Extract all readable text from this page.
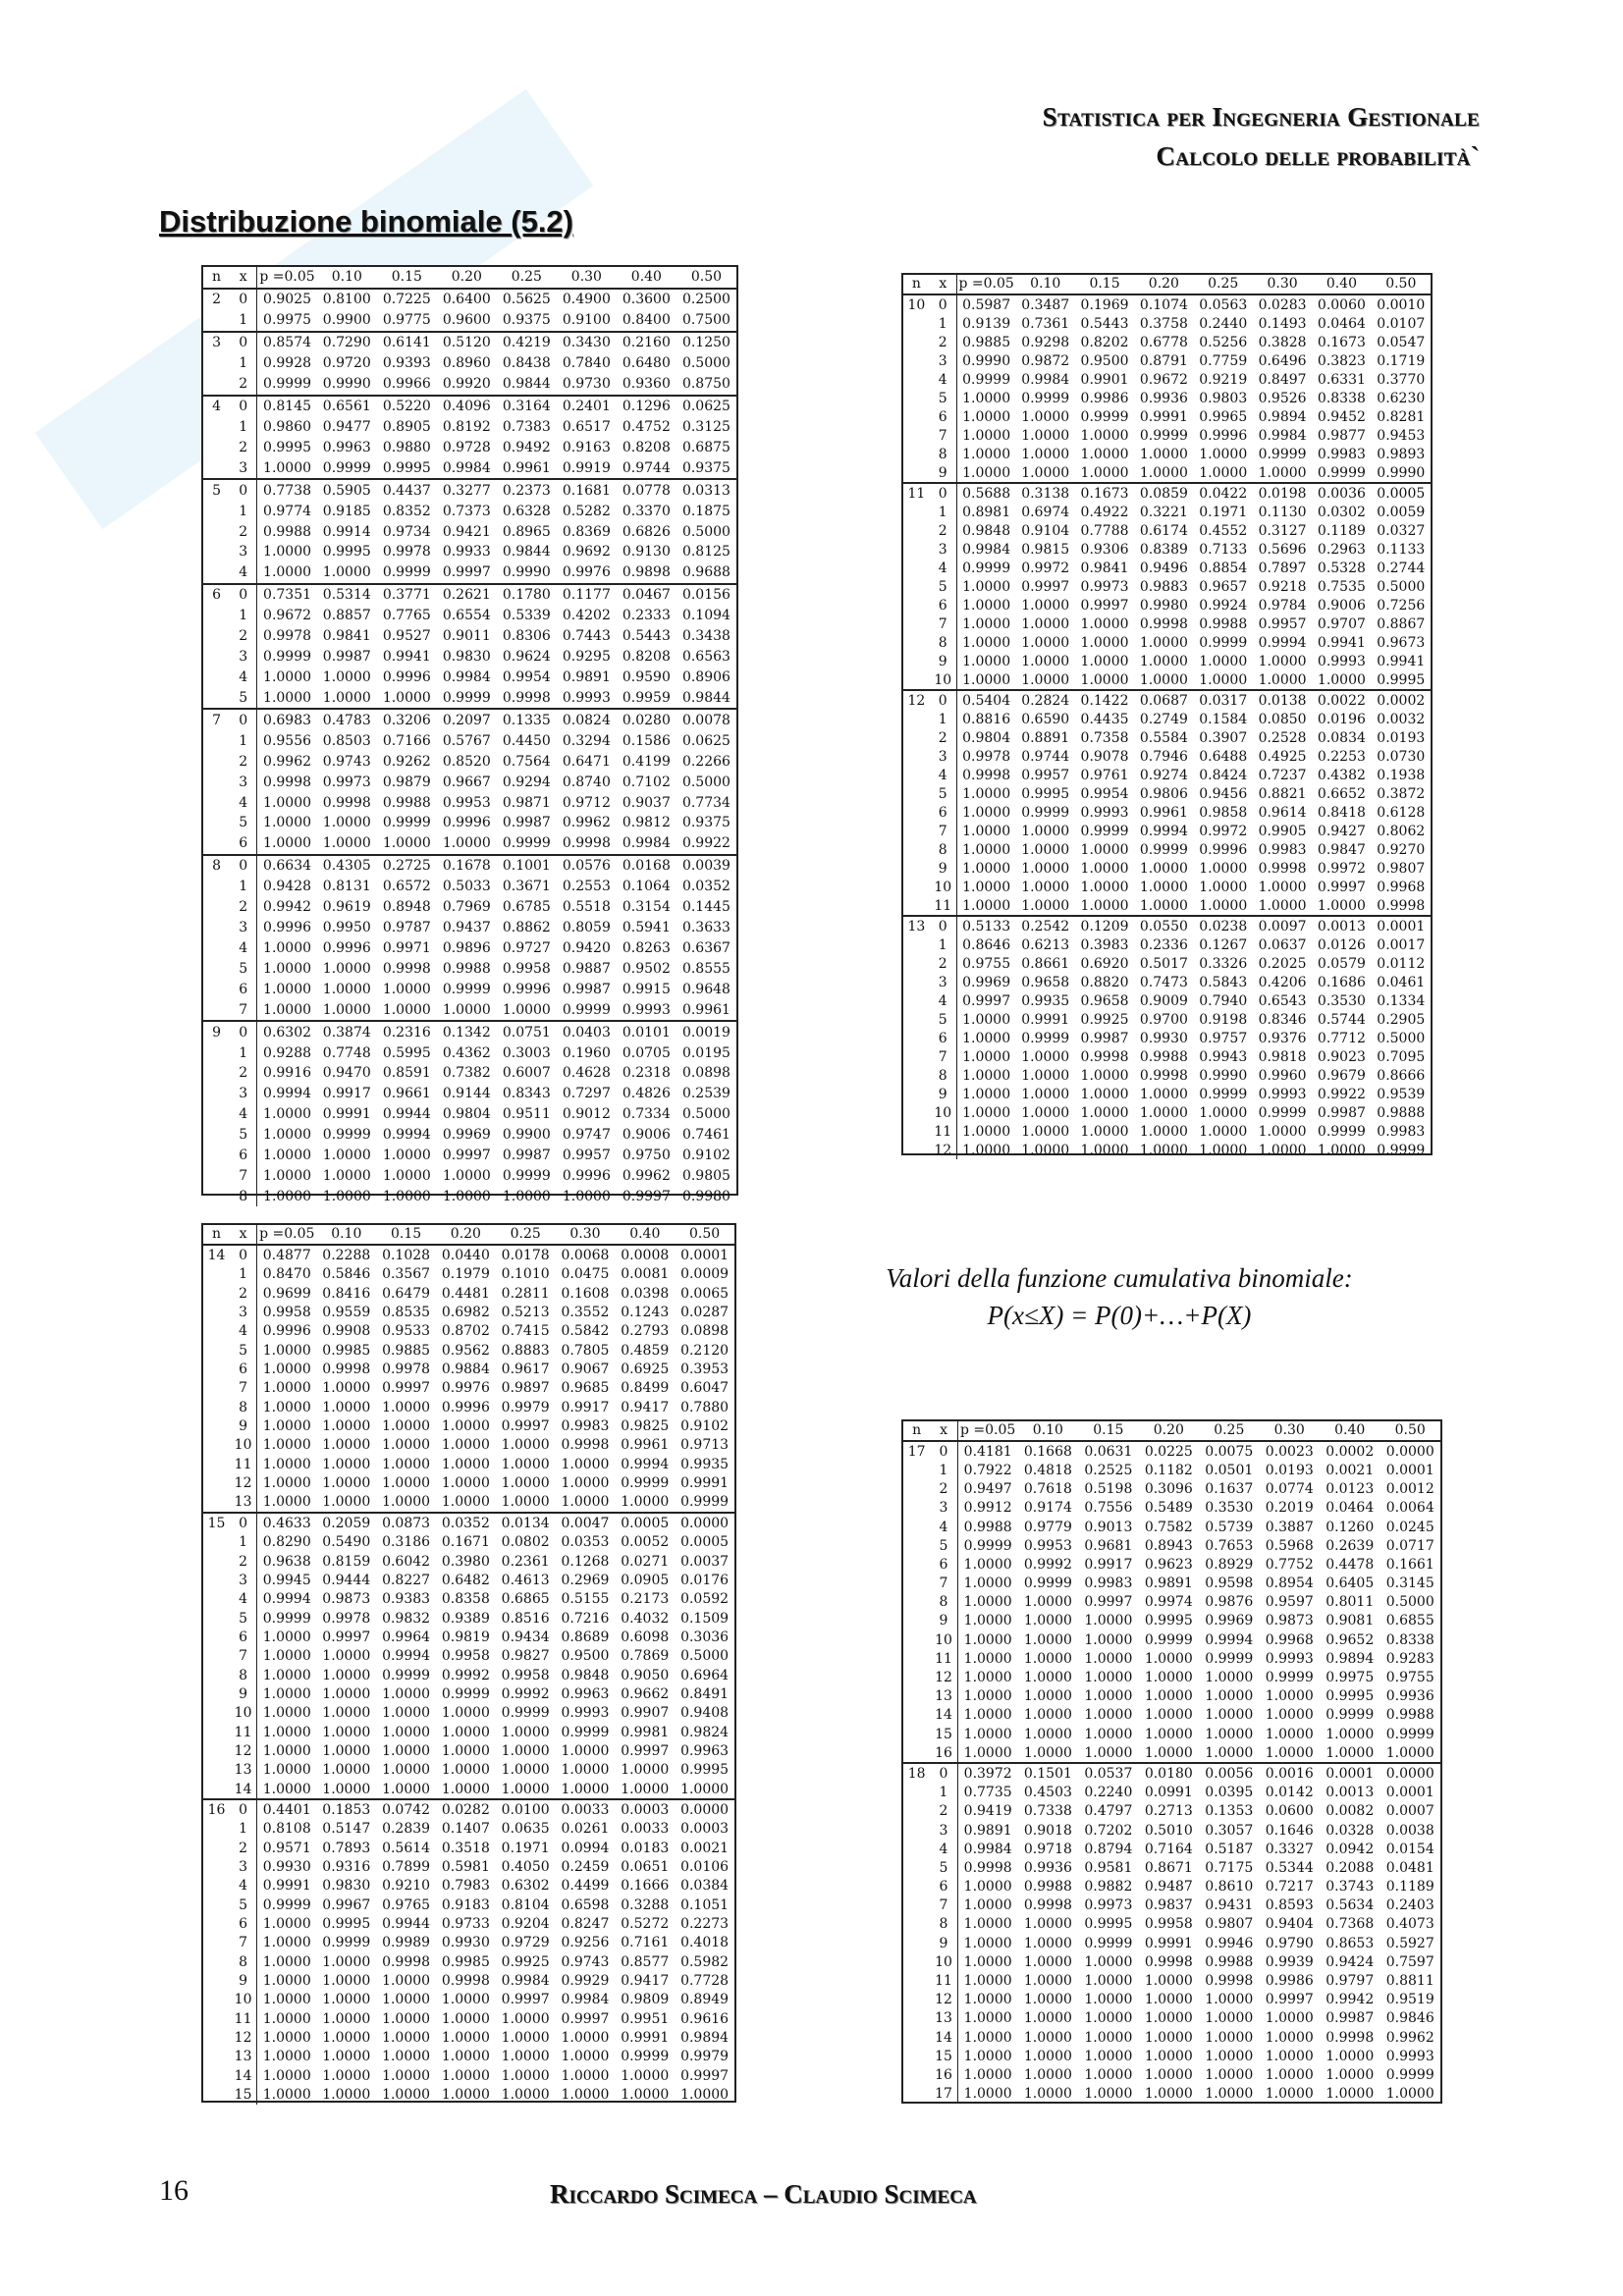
Statistica per Ingegneria Gestionale
Calcolo delle probabilità`
Distribuzione binomiale (5.2)
n	x	p =0.05	0.10	0.15	0.20	0.25	0.30	0.40	0.50
2	0	0.9025	0.8100	0.7225	0.6400	0.5625	0.4900	0.3600	0.2500
	1	0.9975	0.9900	0.9775	0.9600	0.9375	0.9100	0.8400	0.7500
3	0	0.8574	0.7290	0.6141	0.5120	0.4219	0.3430	0.2160	0.1250
	1	0.9928	0.9720	0.9393	0.8960	0.8438	0.7840	0.6480	0.5000
	2	0.9999	0.9990	0.9966	0.9920	0.9844	0.9730	0.9360	0.8750
4	0	0.8145	0.6561	0.5220	0.4096	0.3164	0.2401	0.1296	0.0625
	1	0.9860	0.9477	0.8905	0.8192	0.7383	0.6517	0.4752	0.3125
	2	0.9995	0.9963	0.9880	0.9728	0.9492	0.9163	0.8208	0.6875
	3	1.0000	0.9999	0.9995	0.9984	0.9961	0.9919	0.9744	0.9375
5	0	0.7738	0.5905	0.4437	0.3277	0.2373	0.1681	0.0778	0.0313
	1	0.9774	0.9185	0.8352	0.7373	0.6328	0.5282	0.3370	0.1875
	2	0.9988	0.9914	0.9734	0.9421	0.8965	0.8369	0.6826	0.5000
	3	1.0000	0.9995	0.9978	0.9933	0.9844	0.9692	0.9130	0.8125
	4	1.0000	1.0000	0.9999	0.9997	0.9990	0.9976	0.9898	0.9688
6	0	0.7351	0.5314	0.3771	0.2621	0.1780	0.1177	0.0467	0.0156
	1	0.9672	0.8857	0.7765	0.6554	0.5339	0.4202	0.2333	0.1094
	2	0.9978	0.9841	0.9527	0.9011	0.8306	0.7443	0.5443	0.3438
	3	0.9999	0.9987	0.9941	0.9830	0.9624	0.9295	0.8208	0.6563
	4	1.0000	1.0000	0.9996	0.9984	0.9954	0.9891	0.9590	0.8906
	5	1.0000	1.0000	1.0000	0.9999	0.9998	0.9993	0.9959	0.9844
7	0	0.6983	0.4783	0.3206	0.2097	0.1335	0.0824	0.0280	0.0078
	1	0.9556	0.8503	0.7166	0.5767	0.4450	0.3294	0.1586	0.0625
	2	0.9962	0.9743	0.9262	0.8520	0.7564	0.6471	0.4199	0.2266
	3	0.9998	0.9973	0.9879	0.9667	0.9294	0.8740	0.7102	0.5000
	4	1.0000	0.9998	0.9988	0.9953	0.9871	0.9712	0.9037	0.7734
	5	1.0000	1.0000	0.9999	0.9996	0.9987	0.9962	0.9812	0.9375
	6	1.0000	1.0000	1.0000	1.0000	0.9999	0.9998	0.9984	0.9922
8	0	0.6634	0.4305	0.2725	0.1678	0.1001	0.0576	0.0168	0.0039
	1	0.9428	0.8131	0.6572	0.5033	0.3671	0.2553	0.1064	0.0352
	2	0.9942	0.9619	0.8948	0.7969	0.6785	0.5518	0.3154	0.1445
	3	0.9996	0.9950	0.9787	0.9437	0.8862	0.8059	0.5941	0.3633
	4	1.0000	0.9996	0.9971	0.9896	0.9727	0.9420	0.8263	0.6367
	5	1.0000	1.0000	0.9998	0.9988	0.9958	0.9887	0.9502	0.8555
	6	1.0000	1.0000	1.0000	0.9999	0.9996	0.9987	0.9915	0.9648
	7	1.0000	1.0000	1.0000	1.0000	1.0000	0.9999	0.9993	0.9961
9	0	0.6302	0.3874	0.2316	0.1342	0.0751	0.0403	0.0101	0.0019
	1	0.9288	0.7748	0.5995	0.4362	0.3003	0.1960	0.0705	0.0195
	2	0.9916	0.9470	0.8591	0.7382	0.6007	0.4628	0.2318	0.0898
	3	0.9994	0.9917	0.9661	0.9144	0.8343	0.7297	0.4826	0.2539
	4	1.0000	0.9991	0.9944	0.9804	0.9511	0.9012	0.7334	0.5000
	5	1.0000	0.9999	0.9994	0.9969	0.9900	0.9747	0.9006	0.7461
	6	1.0000	1.0000	1.0000	0.9997	0.9987	0.9957	0.9750	0.9102
	7	1.0000	1.0000	1.0000	1.0000	0.9999	0.9996	0.9962	0.9805
	8	1.0000	1.0000	1.0000	1.0000	1.0000	1.0000	0.9997	0.9980
n	x	p =0.05	0.10	0.15	0.20	0.25	0.30	0.40	0.50
10	0	0.5987	0.3487	0.1969	0.1074	0.0563	0.0283	0.0060	0.0010
	1	0.9139	0.7361	0.5443	0.3758	0.2440	0.1493	0.0464	0.0107
	2	0.9885	0.9298	0.8202	0.6778	0.5256	0.3828	0.1673	0.0547
	3	0.9990	0.9872	0.9500	0.8791	0.7759	0.6496	0.3823	0.1719
	4	0.9999	0.9984	0.9901	0.9672	0.9219	0.8497	0.6331	0.3770
	5	1.0000	0.9999	0.9986	0.9936	0.9803	0.9526	0.8338	0.6230
	6	1.0000	1.0000	0.9999	0.9991	0.9965	0.9894	0.9452	0.8281
	7	1.0000	1.0000	1.0000	0.9999	0.9996	0.9984	0.9877	0.9453
	8	1.0000	1.0000	1.0000	1.0000	1.0000	0.9999	0.9983	0.9893
	9	1.0000	1.0000	1.0000	1.0000	1.0000	1.0000	0.9999	0.9990
11	0	0.5688	0.3138	0.1673	0.0859	0.0422	0.0198	0.0036	0.0005
	1	0.8981	0.6974	0.4922	0.3221	0.1971	0.1130	0.0302	0.0059
	2	0.9848	0.9104	0.7788	0.6174	0.4552	0.3127	0.1189	0.0327
	3	0.9984	0.9815	0.9306	0.8389	0.7133	0.5696	0.2963	0.1133
	4	0.9999	0.9972	0.9841	0.9496	0.8854	0.7897	0.5328	0.2744
	5	1.0000	0.9997	0.9973	0.9883	0.9657	0.9218	0.7535	0.5000
	6	1.0000	1.0000	0.9997	0.9980	0.9924	0.9784	0.9006	0.7256
	7	1.0000	1.0000	1.0000	0.9998	0.9988	0.9957	0.9707	0.8867
	8	1.0000	1.0000	1.0000	1.0000	0.9999	0.9994	0.9941	0.9673
	9	1.0000	1.0000	1.0000	1.0000	1.0000	1.0000	0.9993	0.9941
	10	1.0000	1.0000	1.0000	1.0000	1.0000	1.0000	1.0000	0.9995
12	0	0.5404	0.2824	0.1422	0.0687	0.0317	0.0138	0.0022	0.0002
	1	0.8816	0.6590	0.4435	0.2749	0.1584	0.0850	0.0196	0.0032
	2	0.9804	0.8891	0.7358	0.5584	0.3907	0.2528	0.0834	0.0193
	3	0.9978	0.9744	0.9078	0.7946	0.6488	0.4925	0.2253	0.0730
	4	0.9998	0.9957	0.9761	0.9274	0.8424	0.7237	0.4382	0.1938
	5	1.0000	0.9995	0.9954	0.9806	0.9456	0.8821	0.6652	0.3872
	6	1.0000	0.9999	0.9993	0.9961	0.9858	0.9614	0.8418	0.6128
	7	1.0000	1.0000	0.9999	0.9994	0.9972	0.9905	0.9427	0.8062
	8	1.0000	1.0000	1.0000	0.9999	0.9996	0.9983	0.9847	0.9270
	9	1.0000	1.0000	1.0000	1.0000	1.0000	0.9998	0.9972	0.9807
	10	1.0000	1.0000	1.0000	1.0000	1.0000	1.0000	0.9997	0.9968
	11	1.0000	1.0000	1.0000	1.0000	1.0000	1.0000	1.0000	0.9998
13	0	0.5133	0.2542	0.1209	0.0550	0.0238	0.0097	0.0013	0.0001
	1	0.8646	0.6213	0.3983	0.2336	0.1267	0.0637	0.0126	0.0017
	2	0.9755	0.8661	0.6920	0.5017	0.3326	0.2025	0.0579	0.0112
	3	0.9969	0.9658	0.8820	0.7473	0.5843	0.4206	0.1686	0.0461
	4	0.9997	0.9935	0.9658	0.9009	0.7940	0.6543	0.3530	0.1334
	5	1.0000	0.9991	0.9925	0.9700	0.9198	0.8346	0.5744	0.2905
	6	1.0000	0.9999	0.9987	0.9930	0.9757	0.9376	0.7712	0.5000
	7	1.0000	1.0000	0.9998	0.9988	0.9943	0.9818	0.9023	0.7095
	8	1.0000	1.0000	1.0000	0.9998	0.9990	0.9960	0.9679	0.8666
	9	1.0000	1.0000	1.0000	1.0000	0.9999	0.9993	0.9922	0.9539
	10	1.0000	1.0000	1.0000	1.0000	1.0000	0.9999	0.9987	0.9888
	11	1.0000	1.0000	1.0000	1.0000	1.0000	1.0000	0.9999	0.9983
	12	1.0000	1.0000	1.0000	1.0000	1.0000	1.0000	1.0000	0.9999
n	x	p =0.05	0.10	0.15	0.20	0.25	0.30	0.40	0.50
14	0	0.4877	0.2288	0.1028	0.0440	0.0178	0.0068	0.0008	0.0001
	1	0.8470	0.5846	0.3567	0.1979	0.1010	0.0475	0.0081	0.0009
	2	0.9699	0.8416	0.6479	0.4481	0.2811	0.1608	0.0398	0.0065
	3	0.9958	0.9559	0.8535	0.6982	0.5213	0.3552	0.1243	0.0287
	4	0.9996	0.9908	0.9533	0.8702	0.7415	0.5842	0.2793	0.0898
	5	1.0000	0.9985	0.9885	0.9562	0.8883	0.7805	0.4859	0.2120
	6	1.0000	0.9998	0.9978	0.9884	0.9617	0.9067	0.6925	0.3953
	7	1.0000	1.0000	0.9997	0.9976	0.9897	0.9685	0.8499	0.6047
	8	1.0000	1.0000	1.0000	0.9996	0.9979	0.9917	0.9417	0.7880
	9	1.0000	1.0000	1.0000	1.0000	0.9997	0.9983	0.9825	0.9102
	10	1.0000	1.0000	1.0000	1.0000	1.0000	0.9998	0.9961	0.9713
	11	1.0000	1.0000	1.0000	1.0000	1.0000	1.0000	0.9994	0.9935
	12	1.0000	1.0000	1.0000	1.0000	1.0000	1.0000	0.9999	0.9991
	13	1.0000	1.0000	1.0000	1.0000	1.0000	1.0000	1.0000	0.9999
15	0	0.4633	0.2059	0.0873	0.0352	0.0134	0.0047	0.0005	0.0000
	1	0.8290	0.5490	0.3186	0.1671	0.0802	0.0353	0.0052	0.0005
	2	0.9638	0.8159	0.6042	0.3980	0.2361	0.1268	0.0271	0.0037
	3	0.9945	0.9444	0.8227	0.6482	0.4613	0.2969	0.0905	0.0176
	4	0.9994	0.9873	0.9383	0.8358	0.6865	0.5155	0.2173	0.0592
	5	0.9999	0.9978	0.9832	0.9389	0.8516	0.7216	0.4032	0.1509
	6	1.0000	0.9997	0.9964	0.9819	0.9434	0.8689	0.6098	0.3036
	7	1.0000	1.0000	0.9994	0.9958	0.9827	0.9500	0.7869	0.5000
	8	1.0000	1.0000	0.9999	0.9992	0.9958	0.9848	0.9050	0.6964
	9	1.0000	1.0000	1.0000	0.9999	0.9992	0.9963	0.9662	0.8491
	10	1.0000	1.0000	1.0000	1.0000	0.9999	0.9993	0.9907	0.9408
	11	1.0000	1.0000	1.0000	1.0000	1.0000	0.9999	0.9981	0.9824
	12	1.0000	1.0000	1.0000	1.0000	1.0000	1.0000	0.9997	0.9963
	13	1.0000	1.0000	1.0000	1.0000	1.0000	1.0000	1.0000	0.9995
	14	1.0000	1.0000	1.0000	1.0000	1.0000	1.0000	1.0000	1.0000
16	0	0.4401	0.1853	0.0742	0.0282	0.0100	0.0033	0.0003	0.0000
	1	0.8108	0.5147	0.2839	0.1407	0.0635	0.0261	0.0033	0.0003
	2	0.9571	0.7893	0.5614	0.3518	0.1971	0.0994	0.0183	0.0021
	3	0.9930	0.9316	0.7899	0.5981	0.4050	0.2459	0.0651	0.0106
	4	0.9991	0.9830	0.9210	0.7983	0.6302	0.4499	0.1666	0.0384
	5	0.9999	0.9967	0.9765	0.9183	0.8104	0.6598	0.3288	0.1051
	6	1.0000	0.9995	0.9944	0.9733	0.9204	0.8247	0.5272	0.2273
	7	1.0000	0.9999	0.9989	0.9930	0.9729	0.9256	0.7161	0.4018
	8	1.0000	1.0000	0.9998	0.9985	0.9925	0.9743	0.8577	0.5982
	9	1.0000	1.0000	1.0000	0.9998	0.9984	0.9929	0.9417	0.7728
	10	1.0000	1.0000	1.0000	1.0000	0.9997	0.9984	0.9809	0.8949
	11	1.0000	1.0000	1.0000	1.0000	1.0000	0.9997	0.9951	0.9616
	12	1.0000	1.0000	1.0000	1.0000	1.0000	1.0000	0.9991	0.9894
	13	1.0000	1.0000	1.0000	1.0000	1.0000	1.0000	0.9999	0.9979
	14	1.0000	1.0000	1.0000	1.0000	1.0000	1.0000	1.0000	0.9997
	15	1.0000	1.0000	1.0000	1.0000	1.0000	1.0000	1.0000	1.0000
n	x	p =0.05	0.10	0.15	0.20	0.25	0.30	0.40	0.50
17	0	0.4181	0.1668	0.0631	0.0225	0.0075	0.0023	0.0002	0.0000
	1	0.7922	0.4818	0.2525	0.1182	0.0501	0.0193	0.0021	0.0001
	2	0.9497	0.7618	0.5198	0.3096	0.1637	0.0774	0.0123	0.0012
	3	0.9912	0.9174	0.7556	0.5489	0.3530	0.2019	0.0464	0.0064
	4	0.9988	0.9779	0.9013	0.7582	0.5739	0.3887	0.1260	0.0245
	5	0.9999	0.9953	0.9681	0.8943	0.7653	0.5968	0.2639	0.0717
	6	1.0000	0.9992	0.9917	0.9623	0.8929	0.7752	0.4478	0.1661
	7	1.0000	0.9999	0.9983	0.9891	0.9598	0.8954	0.6405	0.3145
	8	1.0000	1.0000	0.9997	0.9974	0.9876	0.9597	0.8011	0.5000
	9	1.0000	1.0000	1.0000	0.9995	0.9969	0.9873	0.9081	0.6855
	10	1.0000	1.0000	1.0000	0.9999	0.9994	0.9968	0.9652	0.8338
	11	1.0000	1.0000	1.0000	1.0000	0.9999	0.9993	0.9894	0.9283
	12	1.0000	1.0000	1.0000	1.0000	1.0000	0.9999	0.9975	0.9755
	13	1.0000	1.0000	1.0000	1.0000	1.0000	1.0000	0.9995	0.9936
	14	1.0000	1.0000	1.0000	1.0000	1.0000	1.0000	0.9999	0.9988
	15	1.0000	1.0000	1.0000	1.0000	1.0000	1.0000	1.0000	0.9999
	16	1.0000	1.0000	1.0000	1.0000	1.0000	1.0000	1.0000	1.0000
18	0	0.3972	0.1501	0.0537	0.0180	0.0056	0.0016	0.0001	0.0000
	1	0.7735	0.4503	0.2240	0.0991	0.0395	0.0142	0.0013	0.0001
	2	0.9419	0.7338	0.4797	0.2713	0.1353	0.0600	0.0082	0.0007
	3	0.9891	0.9018	0.7202	0.5010	0.3057	0.1646	0.0328	0.0038
	4	0.9984	0.9718	0.8794	0.7164	0.5187	0.3327	0.0942	0.0154
	5	0.9998	0.9936	0.9581	0.8671	0.7175	0.5344	0.2088	0.0481
	6	1.0000	0.9988	0.9882	0.9487	0.8610	0.7217	0.3743	0.1189
	7	1.0000	0.9998	0.9973	0.9837	0.9431	0.8593	0.5634	0.2403
	8	1.0000	1.0000	0.9995	0.9958	0.9807	0.9404	0.7368	0.4073
	9	1.0000	1.0000	0.9999	0.9991	0.9946	0.9790	0.8653	0.5927
	10	1.0000	1.0000	1.0000	0.9998	0.9988	0.9939	0.9424	0.7597
	11	1.0000	1.0000	1.0000	1.0000	0.9998	0.9986	0.9797	0.8811
	12	1.0000	1.0000	1.0000	1.0000	1.0000	0.9997	0.9942	0.9519
	13	1.0000	1.0000	1.0000	1.0000	1.0000	1.0000	0.9987	0.9846
	14	1.0000	1.0000	1.0000	1.0000	1.0000	1.0000	0.9998	0.9962
	15	1.0000	1.0000	1.0000	1.0000	1.0000	1.0000	1.0000	0.9993
	16	1.0000	1.0000	1.0000	1.0000	1.0000	1.0000	1.0000	0.9999
	17	1.0000	1.0000	1.0000	1.0000	1.0000	1.0000	1.0000	1.0000
Valori della funzione cumulativa binomiale:
P(x≤X) = P(0)+…+P(X)
16	Riccardo Scimeca – Claudio Scimeca
